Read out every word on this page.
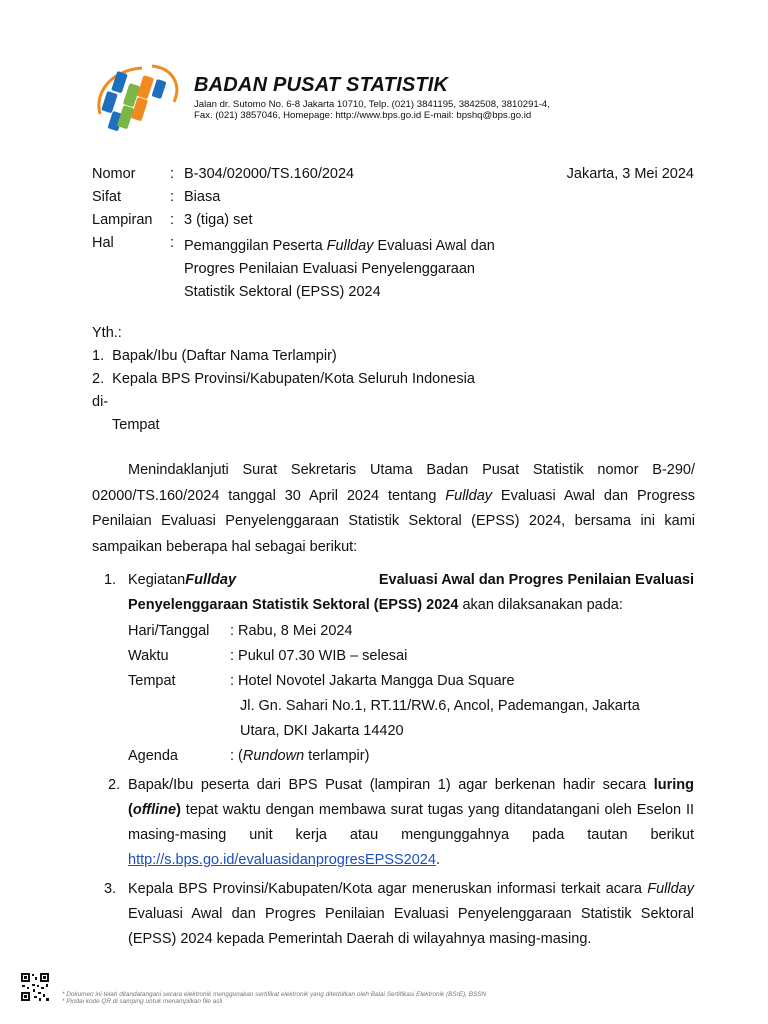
BADAN PUSAT STATISTIK
Jalan dr. Sutomo No. 6-8 Jakarta 10710, Telp. (021) 3841195, 3842508, 3810291-4,
Fax. (021) 3857046, Homepage: http://www.bps.go.id E-mail: bpshq@bps.go.id
Nomor : B-304/02000/TS.160/2024	Jakarta, 3 Mei 2024
Sifat	: Biasa
Lampiran : 3 (tiga) set
Hal	: Pemanggilan Peserta Fullday Evaluasi Awal dan
Progres Penilaian Evaluasi Penyelenggaraan
Statistik Sektoral (EPSS) 2024
Yth.:
1. Bapak/Ibu (Daftar Nama Terlampir)
2. Kepala BPS Provinsi/Kabupaten/Kota Seluruh Indonesia
di-
Tempat
Menindaklanjuti Surat Sekretaris Utama Badan Pusat Statistik nomor B-290/ 02000/TS.160/2024 tanggal 30 April 2024 tentang Fullday Evaluasi Awal dan Progress Penilaian Evaluasi Penyelenggaraan Statistik Sektoral (EPSS) 2024, bersama ini kami sampaikan beberapa hal sebagai berikut:
1. Kegiatan Fullday	Evaluasi Awal dan Progres Penilaian Evaluasi
Penyelenggaraan Statistik Sektoral (EPSS) 2024 akan dilaksanakan pada:
Hari/Tanggal : Rabu, 8 Mei 2024
Waktu	: Pukul 07.30 WIB – selesai
Tempat	: Hotel Novotel Jakarta Mangga Dua Square
Jl. Gn. Sahari No.1, RT.11/RW.6, Ancol, Pademangan, Jakarta
Utara, DKI Jakarta 14420
Agenda	: (Rundown terlampir)
2. Bapak/Ibu peserta dari BPS Pusat (lampiran 1) agar berkenan hadir secara luring (offline) tepat waktu dengan membawa surat tugas yang ditandatangani oleh Eselon II masing-masing unit kerja atau mengunggahnya pada tautan berikut http://s.bps.go.id/evaluasidanprogresEPSS2024.
3. Kepala BPS Provinsi/Kabupaten/Kota agar meneruskan informasi terkait acara Fullday Evaluasi Awal dan Progres Penilaian Evaluasi Penyelenggaraan Statistik Sektoral (EPSS) 2024 kepada Pemerintah Daerah di wilayahnya masing-masing.
* Dokumen ini telah ditandatangani secara elektronik menggunakan sertifikat elektronik yang diterbitkan oleh Balai Sertifikasi Elektronik (BSrE), BSSN
* Pindai kode QR di samping untuk menampilkan file asli
